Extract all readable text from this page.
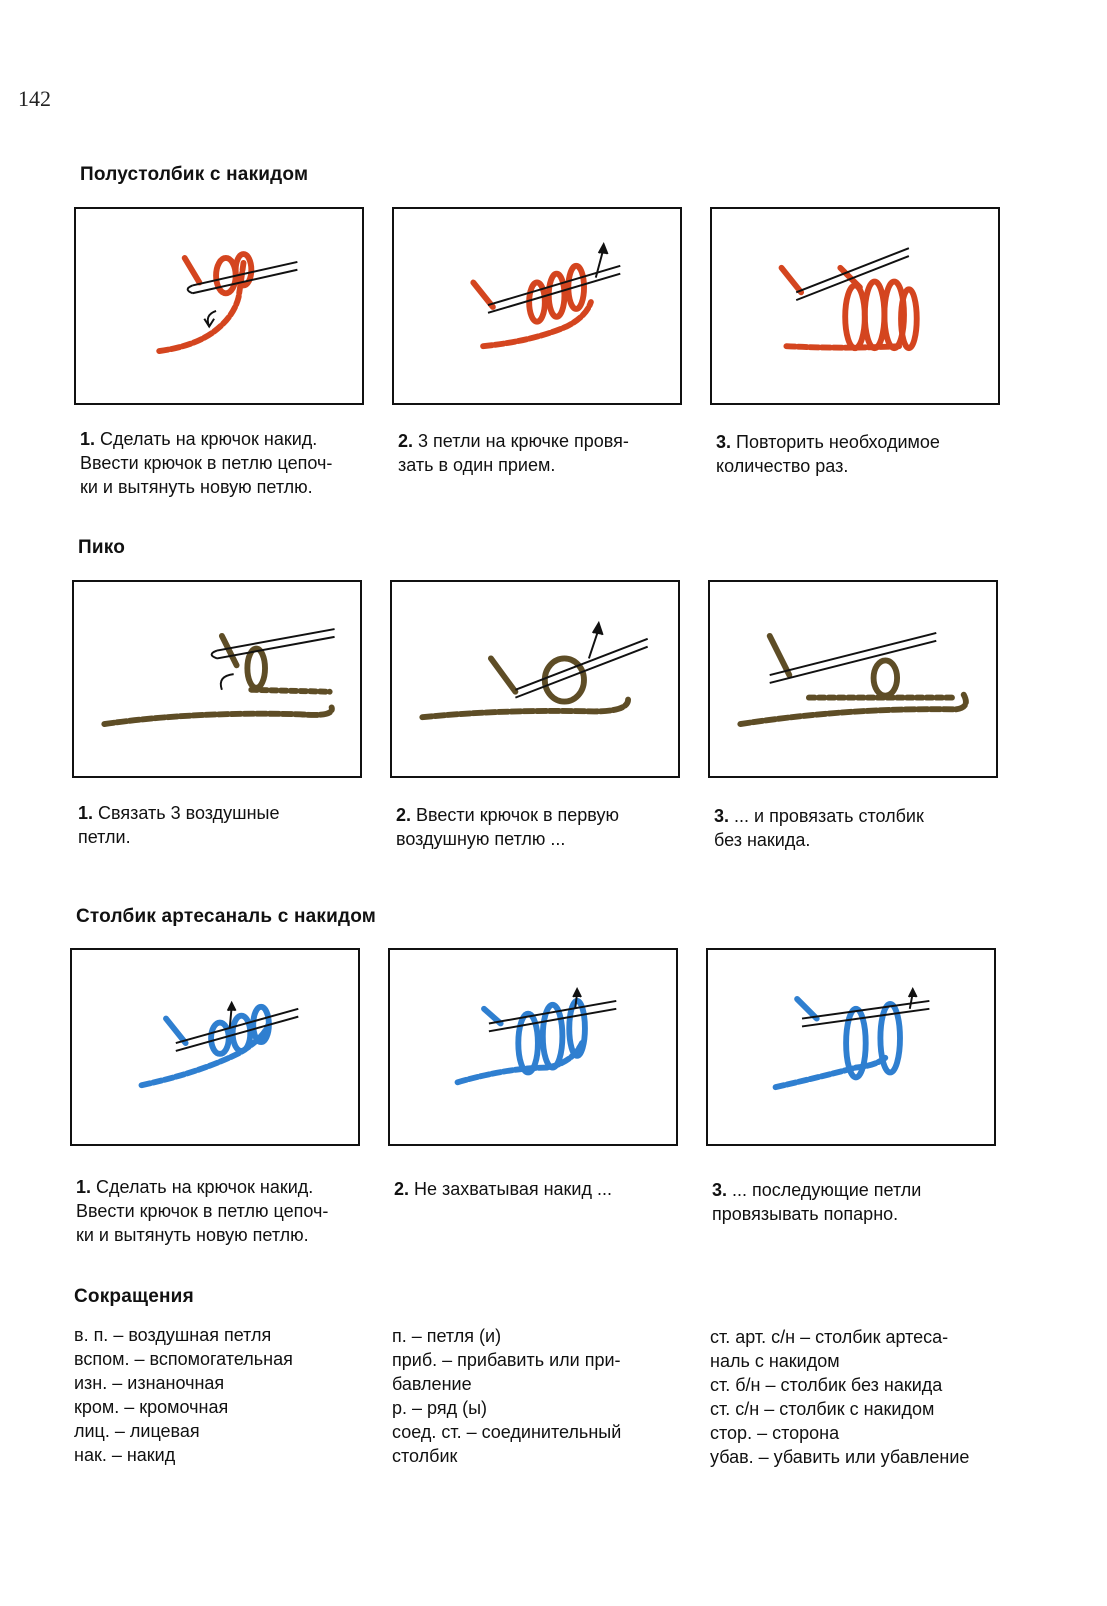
142
Полустолбик с накидом
1. Сделать на крючок накид.
Ввести крючок в петлю цепоч-
ки и вытянуть новую петлю.
2. 3 петли на крючке провя-
зать в один прием.
3. Повторить необходимое
количество раз.
Пико
1. Связать 3 воздушные
петли.
2. Ввести крючок в первую
воздушную петлю ...
3. ... и провязать столбик
без накида.
Столбик артесаналь с накидом
1. Сделать на крючок накид.
Ввести крючок в петлю цепоч-
ки и вытянуть новую петлю.
2. Не захватывая накид ...	3. ... последующие петли
провязывать попарно.
Сокращения
в. п. – воздушная петля
вспом. – вспомогательная
изн. – изнаночная
кром. – кромочная
лиц. – лицевая
нак. – накид
п. – петля (и)
приб. – прибавить или при-
бавление
р. – ряд (ы)
соед. ст. – соединительный
столбик
ст. арт. с/н – столбик артеса-
наль с накидом
ст. б/н – столбик без накида
ст. с/н – столбик с накидом
стор. – сторона
убав. – убавить или убавление
